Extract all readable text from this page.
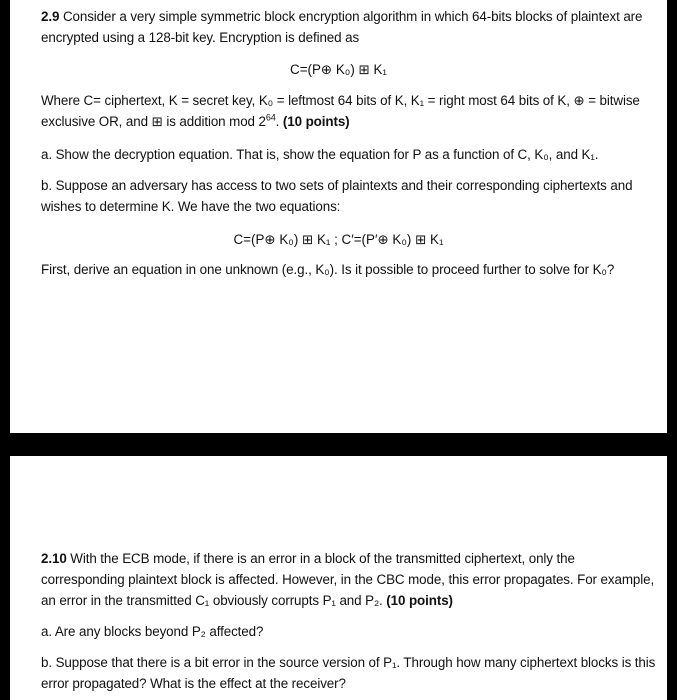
2.9 Consider a very simple symmetric block encryption algorithm in which 64-bits blocks of plaintext are encrypted using a 128-bit key. Encryption is defined as
C=(P⊕ K₀) ⊞ K₁
Where C= ciphertext, K = secret key, K₀ = leftmost 64 bits of K, K₁ = right most 64 bits of K, ⊕ = bitwise exclusive OR, and ⊞ is addition mod $2^{64}$. (10 points)
a. Show the decryption equation. That is, show the equation for P as a function of C, K₀, and K₁.
b. Suppose an adversary has access to two sets of plaintexts and their corresponding ciphertexts and wishes to determine K. We have the two equations:
C=(P⊕ K₀) ⊞ K₁ ; C′=(P′⊕ K₀) ⊞ K₁
First, derive an equation in one unknown (e.g., K₀). Is it possible to proceed further to solve for K₀?
2.10 With the ECB mode, if there is an error in a block of the transmitted ciphertext, only the corresponding plaintext block is affected. However, in the CBC mode, this error propagates. For example, an error in the transmitted C₁ obviously corrupts P₁ and P₂. (10 points)
a. Are any blocks beyond P₂ affected?
b. Suppose that there is a bit error in the source version of P₁. Through how many ciphertext blocks is this error propagated? What is the effect at the receiver?
